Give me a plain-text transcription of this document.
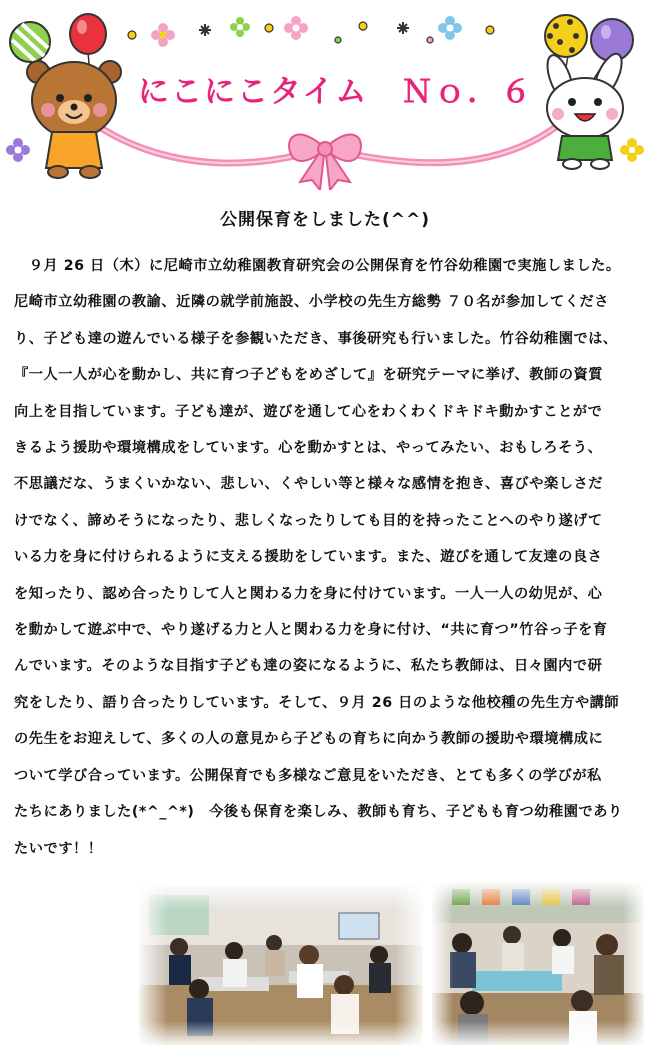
にこにこタイム　Ｎｏ．６
公開保育をしました(^^)

　９月 26 日（木）に尼崎市立幼稚園教育研究会の公開保育を竹谷幼稚園で実施しました。

尼崎市立幼稚園の教諭、近隣の就学前施設、小学校の先生方総勢 ７０名が参加してくださ

り、子ども達の遊んでいる様子を参観いただき、事後研究も行いました。竹谷幼稚園では、

『一人一人が心を動かし、共に育つ子どもをめざして』を研究テーマに挙げ、教師の資質

向上を目指しています。子ども達が、遊びを通して心をわくわくドキドキ動かすことがで

きるよう援助や環境構成をしています。心を動かすとは、やってみたい、おもしろそう、

不思議だな、うまくいかない、悲しい、くやしい等と様々な感情を抱き、喜びや楽しさだ

けでなく、諦めそうになったり、悲しくなったりしても目的を持ったことへのやり遂げて

いる力を身に付けられるように支える援助をしています。また、遊びを通して友達の良さ

を知ったり、認め合ったりして人と関わる力を身に付けています。一人一人の幼児が、心

を動かして遊ぶ中で、やり遂げる力と人と関わる力を身に付け、“共に育つ”竹谷っ子を育

んでいます。そのような目指す子ども達の姿になるように、私たち教師は、日々園内で研

究をしたり、語り合ったりしています。そして、９月 26 日のような他校種の先生方や講師

の先生をお迎えして、多くの人の意見から子どもの育ちに向かう教師の援助や環境構成に

ついて学び合っています。公開保育でも多様なご意見をいただき、とても多くの学びが私

たちにありました(*^_^*)　今後も保育を楽しみ、教師も育ち、子どもも育つ幼稚園であり

たいです！！
